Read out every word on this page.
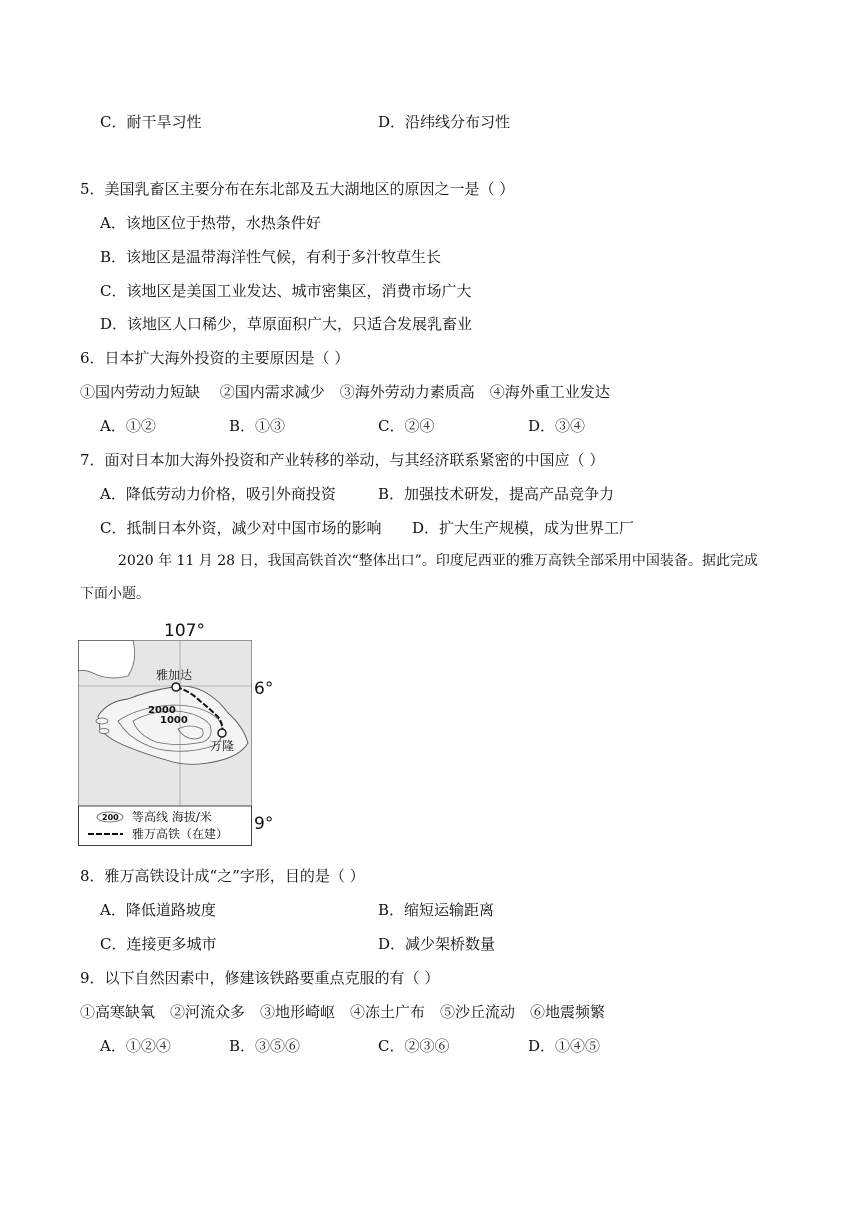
C．耐干旱习性	D．沿纬线分布习性
5．美国乳畜区主要分布在东北部及五大湖地区的原因之一是（ ）
A．该地区位于热带，水热条件好
B．该地区是温带海洋性气候，有利于多汁牧草生长
C．该地区是美国工业发达、城市密集区，消费市场广大
D．该地区人口稀少，草原面积广大，只适合发展乳畜业
6．日本扩大海外投资的主要原因是（ ）
①国内劳动力短缺　 ②国内需求减少　③海外劳动力素质高　④海外重工业发达
A．①②	B．①③	C．②④	D．③④
7．面对日本加大海外投资和产业转移的举动，与其经济联系紧密的中国应（ ）
A．降低劳动力价格，吸引外商投资	B．加强技术研发，提高产品竞争力
C．抵制日本外资，减少对中国市场的影响 D．扩大生产规模，成为世界工厂
2020 年 11 月 28 日，我国高铁首次“整体出口”。印度尼西亚的雅万高铁全部采用中国装备。据此完成
下面小题。
107°
6°
9°
雅加达
万隆
2000
1000
200 等高线 海拔/米
雅万高铁（在建）
8．雅万高铁设计成“之”字形，目的是（ ）
A．降低道路坡度	B．缩短运输距离
C．连接更多城市	D．减少架桥数量
9．以下自然因素中，修建该铁路要重点克服的有（ ）
①高寒缺氧　②河流众多　③地形崎岖　④冻土广布　⑤沙丘流动　⑥地震频繁
A．①②④	B．③⑤⑥	C．②③⑥	D．①④⑤
